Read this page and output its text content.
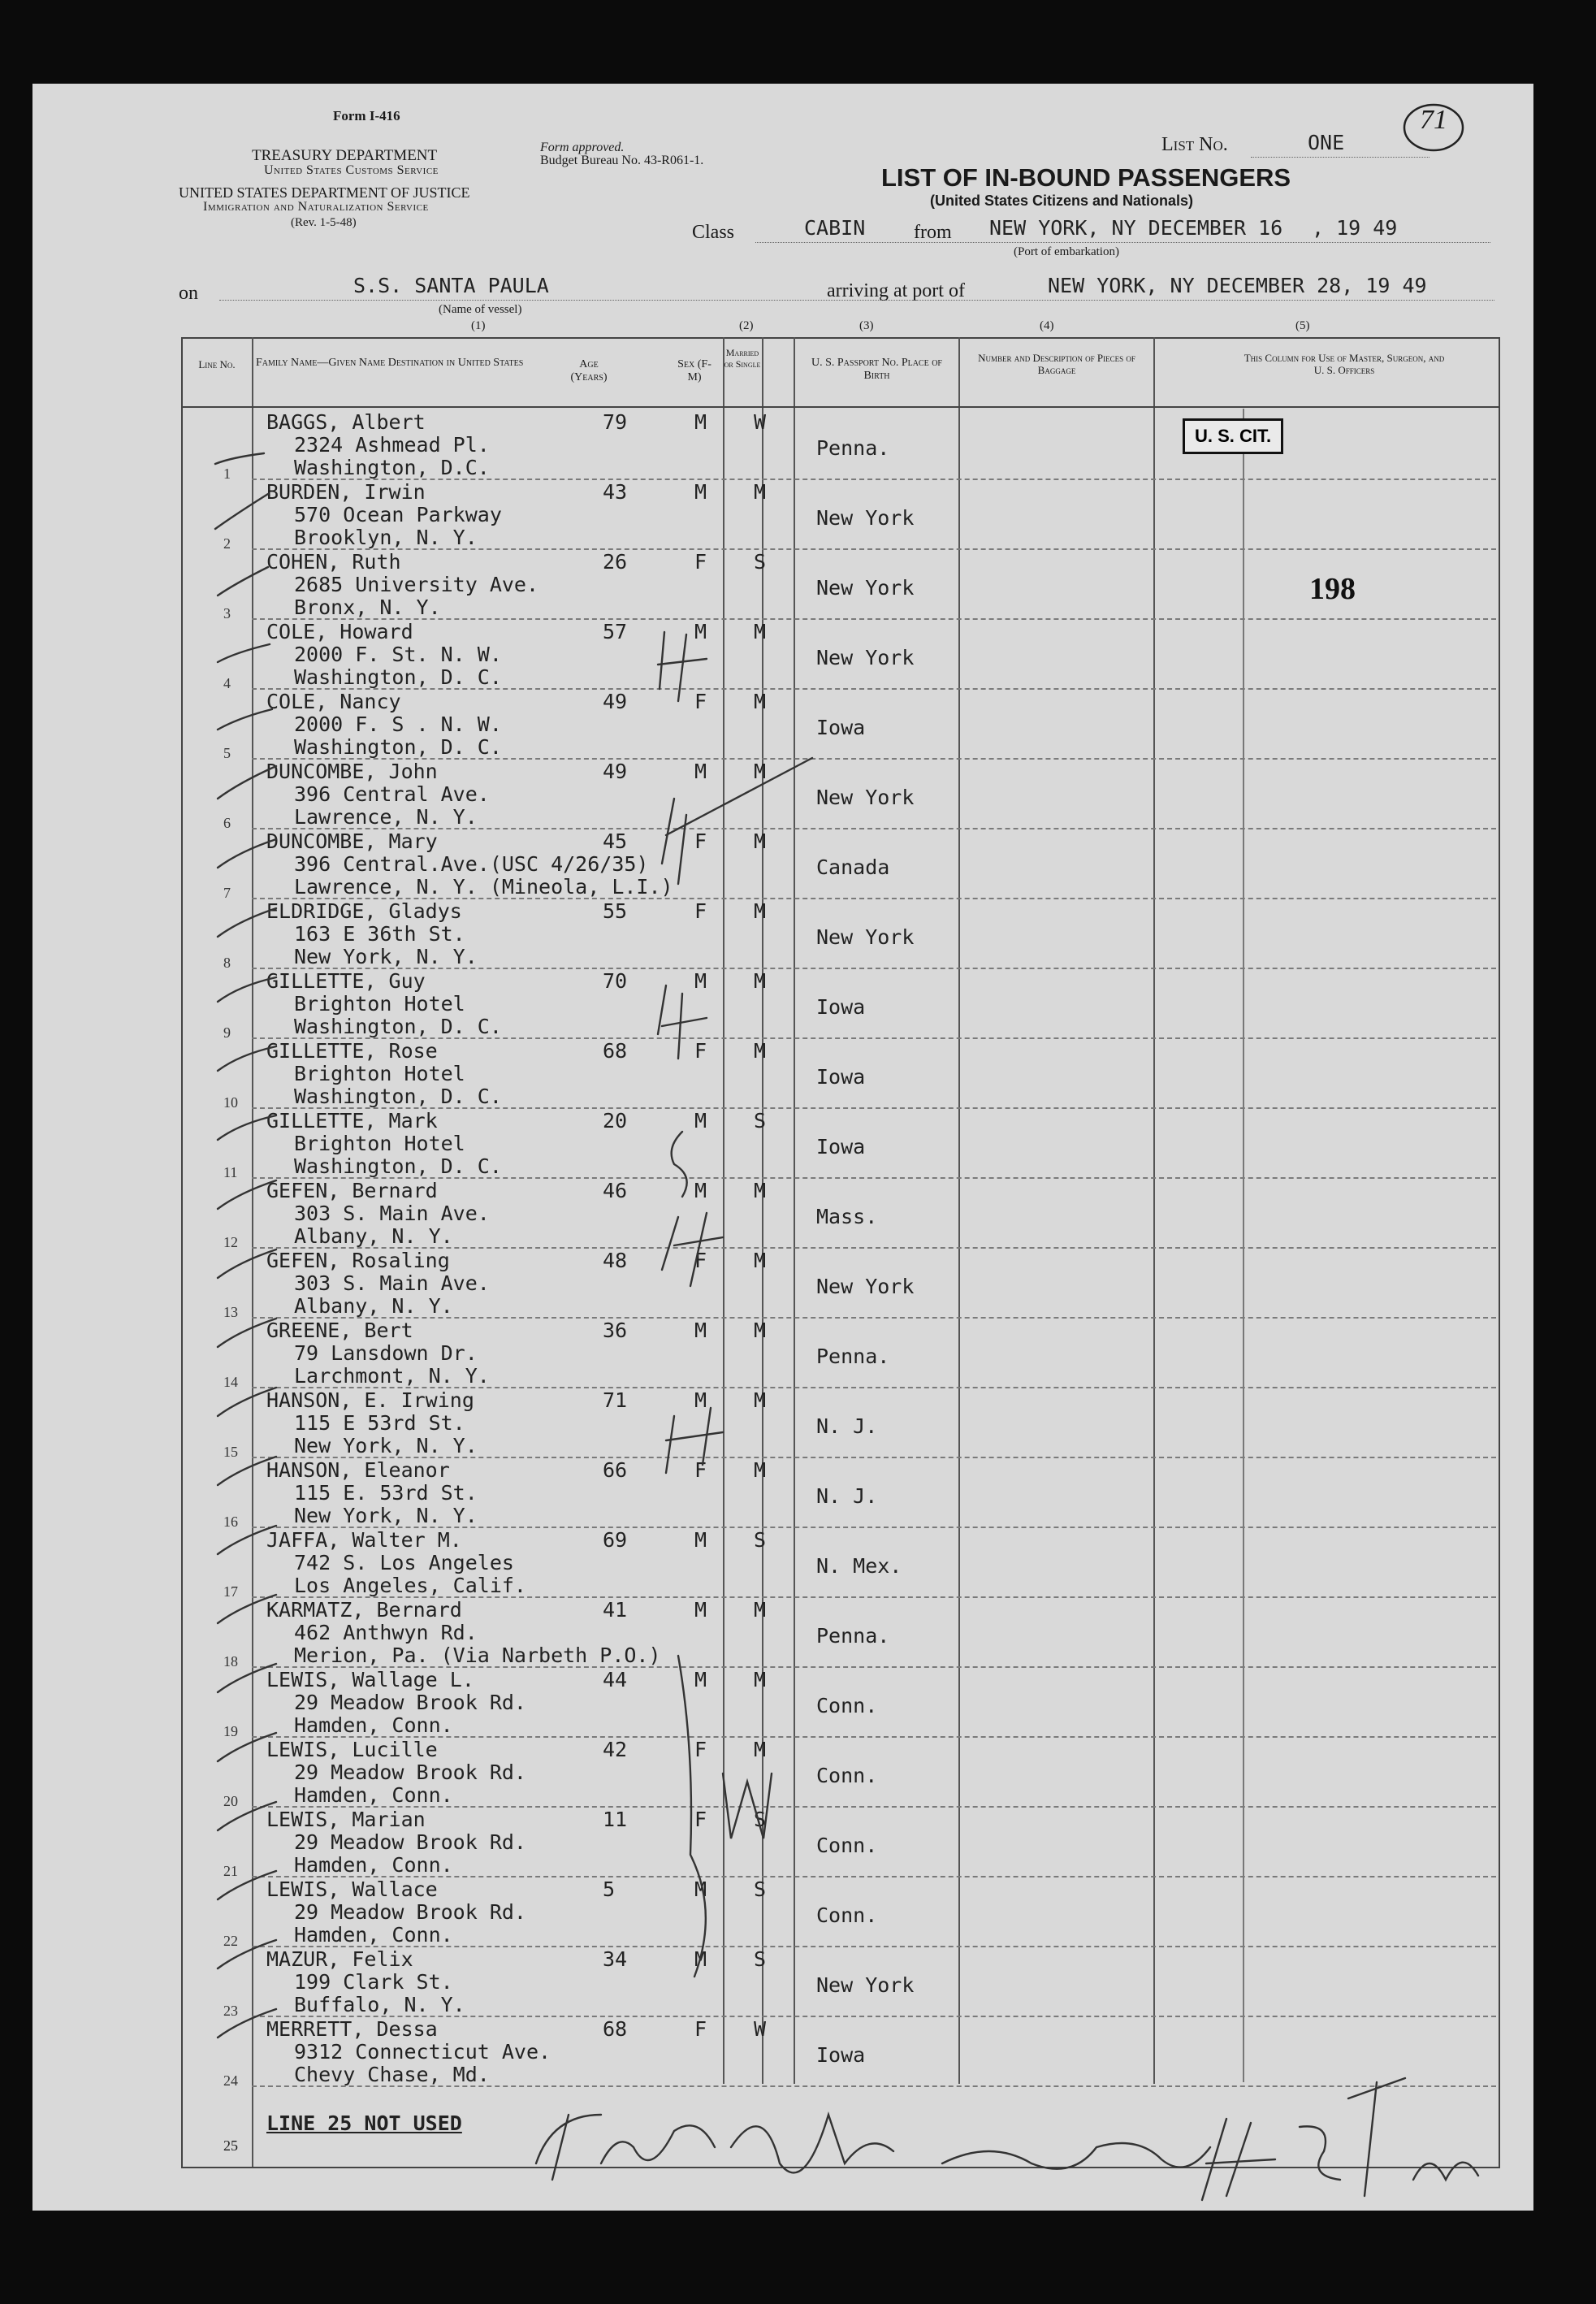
71
Form I-416
TREASURY DEPARTMENT
United States Customs Service
UNITED STATES DEPARTMENT OF JUSTICE
Immigration and Naturalization Service
(Rev. 1-5-48)
Form approved.
Budget Bureau No. 43-R061-1.
List No.	ONE
LIST OF IN-BOUND PASSENGERS
(United States Citizens and Nationals)
Class	CABIN from NEW YORK, NY DECEMBER 16 , 19 49
(Port of embarkation)
on	S.S. SANTA PAULA	arriving at port of	NEW YORK, NY DECEMBER 28, 19 49
(Name of vessel)
(1)	(2)	(3)	(4)	(5)
Line No.	Family Name—Given Name Destination in United States	Age (Years)
Sex (F-M)
Married or Single	U. S. Passport No. Place of Birth
Number and Description of Pieces of Baggage
This Column for Use of Master, Surgeon, and U. S. Officers
U. S. CIT.
198
1
BAGGS, Albert
2324 Ashmead Pl.
Washington, D.C.
79	M W
Penna.
2
BURDEN, Irwin
570 Ocean Parkway
Brooklyn, N. Y.
43	M M
New York
3
COHEN, Ruth
2685 University Ave.
Bronx, N. Y.
26	F S
New York
4
COLE, Howard
2000 F. St. N. W.
Washington, D. C.
57	M M
New York
5
COLE, Nancy
2000 F. S . N. W.
Washington, D. C.
49	F M
Iowa
6
DUNCOMBE, John
396 Central Ave.
Lawrence, N. Y.
49	M M
New York
7
DUNCOMBE, Mary
396 Central.Ave.(USC 4/26/35)
Lawrence, N. Y. (Mineola, L.I.)
45	F M
Canada
8
ELDRIDGE, Gladys
163 E 36th St.
New York, N. Y.
55	F M
New York
9
GILLETTE, Guy
Brighton Hotel
Washington, D. C.
70	M M
Iowa
10
GILLETTE, Rose
Brighton Hotel
Washington, D. C.
68	F M
Iowa
11
GILLETTE, Mark
Brighton Hotel
Washington, D. C.
20	M S
Iowa
12
GEFEN, Bernard
303 S. Main Ave.
Albany, N. Y.
46	M M
Mass.
13
GEFEN, Rosaling
303 S. Main Ave.
Albany, N. Y.
48	F M
New York
14
GREENE, Bert
79 Lansdown Dr.
Larchmont, N. Y.
36	M M
Penna.
15
HANSON, E. Irwing
115 E 53rd St.
New York, N. Y.
71	M M
N. J.
16
HANSON, Eleanor
115 E. 53rd St.
New York, N. Y.
66	F M
N. J.
17
JAFFA, Walter M.
742 S. Los Angeles
Los Angeles, Calif.
69	M S
N. Mex.
18
KARMATZ, Bernard
462 Anthwyn Rd.
Merion, Pa. (Via Narbeth P.O.)
41	M M
Penna.
19
LEWIS, Wallage L.
29 Meadow Brook Rd.
Hamden, Conn.
44	M M
Conn.
20
LEWIS, Lucille
29 Meadow Brook Rd.
Hamden, Conn.
42	F M
Conn.
21
LEWIS, Marian
29 Meadow Brook Rd.
Hamden, Conn.
11	F S
Conn.
22
LEWIS, Wallace
29 Meadow Brook Rd.
Hamden, Conn.
5	M S
Conn.
23
MAZUR, Felix
199 Clark St.
Buffalo, N. Y.
34	M S
New York
24
MERRETT, Dessa
9312 Connecticut Ave.
Chevy Chase, Md.
68	F W
Iowa
25
LINE 25 NOT USED
